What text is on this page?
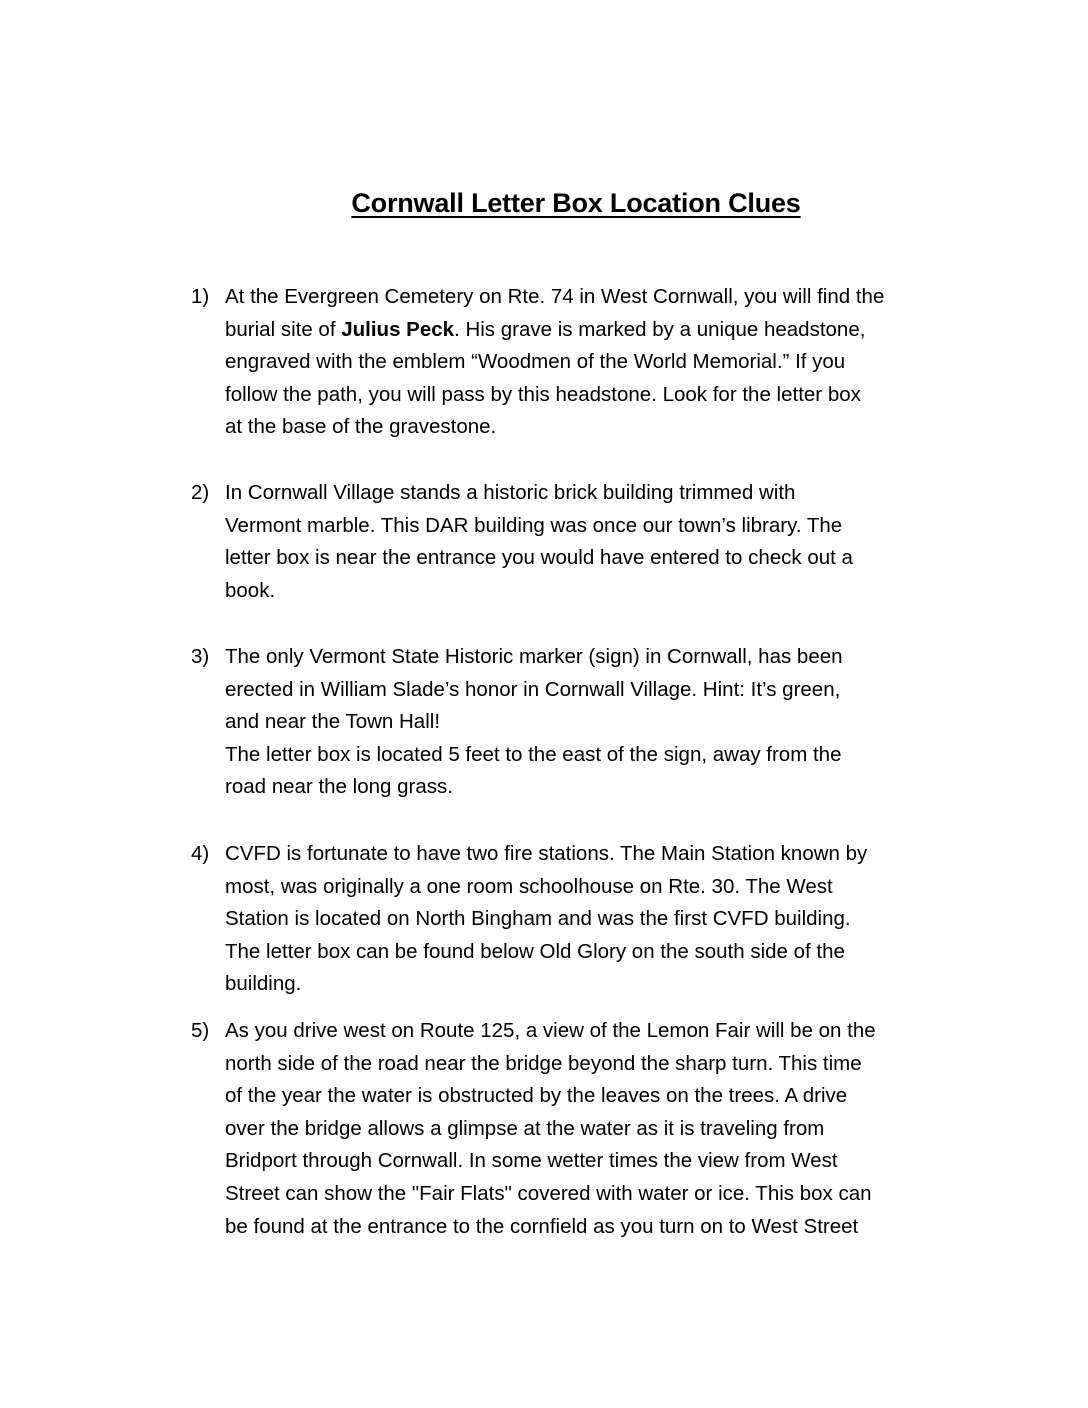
Cornwall Letter Box Location Clues
1) At the Evergreen Cemetery on Rte. 74 in West Cornwall, you will find the
burial site of Julius Peck. His grave is marked by a unique headstone,
engraved with the emblem “Woodmen of the World Memorial.” If you
follow the path, you will pass by this headstone. Look for the letter box
at the base of the gravestone.
2) In Cornwall Village stands a historic brick building trimmed with
Vermont marble. This DAR building was once our town’s library. The
letter box is near the entrance you would have entered to check out a
book.
3) The only Vermont State Historic marker (sign) in Cornwall, has been
erected in William Slade’s honor in Cornwall Village. Hint: It’s green,
and near the Town Hall!
The letter box is located 5 feet to the east of the sign, away from the
road near the long grass.
4) CVFD is fortunate to have two fire stations. The Main Station known by
most, was originally a one room schoolhouse on Rte. 30. The West
Station is located on North Bingham and was the first CVFD building.
The letter box can be found below Old Glory on the south side of the
building.
5) As you drive west on Route 125, a view of the Lemon Fair will be on the
north side of the road near the bridge beyond the sharp turn. This time
of the year the water is obstructed by the leaves on the trees. A drive
over the bridge allows a glimpse at the water as it is traveling from
Bridport through Cornwall. In some wetter times the view from West
Street can show the "Fair Flats" covered with water or ice. This box can
be found at the entrance to the cornfield as you turn on to West Street
